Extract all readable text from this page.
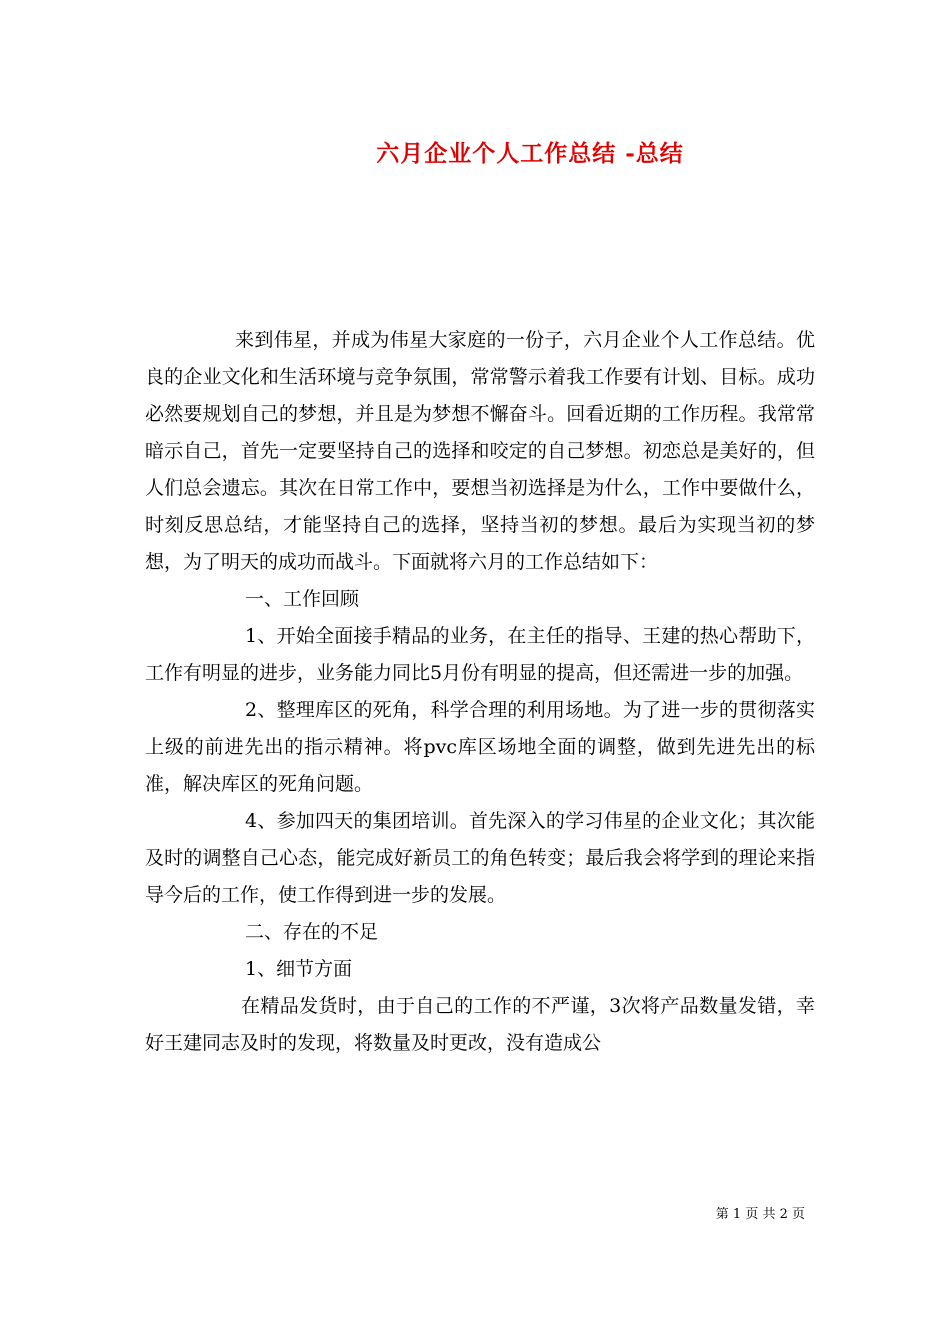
六月企业个人工作总结 -总结

来到伟星，并成为伟星大家庭的一份子，六月企业个人工作总结。优良的企业文化和生活环境与竞争氛围，常常警示着我工作要有计划、目标。成功必然要规划自己的梦想，并且是为梦想不懈奋斗。回看近期的工作历程。我常常暗示自己，首先一定要坚持自己的选择和咬定的自己梦想。初恋总是美好的，但人们总会遗忘。其次在日常工作中，要想当初选择是为什么，工作中要做什么，时刻反思总结，才能坚持自己的选择，坚持当初的梦想。最后为实现当初的梦想，为了明天的成功而战斗。下面就将六月的工作总结如下：

一、工作回顾

1、开始全面接手精品的业务，在主任的指导、王建的热心帮助下，工作有明显的进步，业务能力同比5月份有明显的提高，但还需进一步的加强。

2、整理库区的死角，科学合理的利用场地。为了进一步的贯彻落实上级的前进先出的指示精神。将pvc库区场地全面的调整，做到先进先出的标准，解决库区的死角问题。

4、参加四天的集团培训。首先深入的学习伟星的企业文化；其次能及时的调整自己心态，能完成好新员工的角色转变；最后我会将学到的理论来指导今后的工作，使工作得到进一步的发展。

二、存在的不足

1、细节方面

在精品发货时，由于自己的工作的不严谨，3次将产品数量发错，幸好王建同志及时的发现，将数量及时更改，没有造成公

第 1 页 共 2 页
